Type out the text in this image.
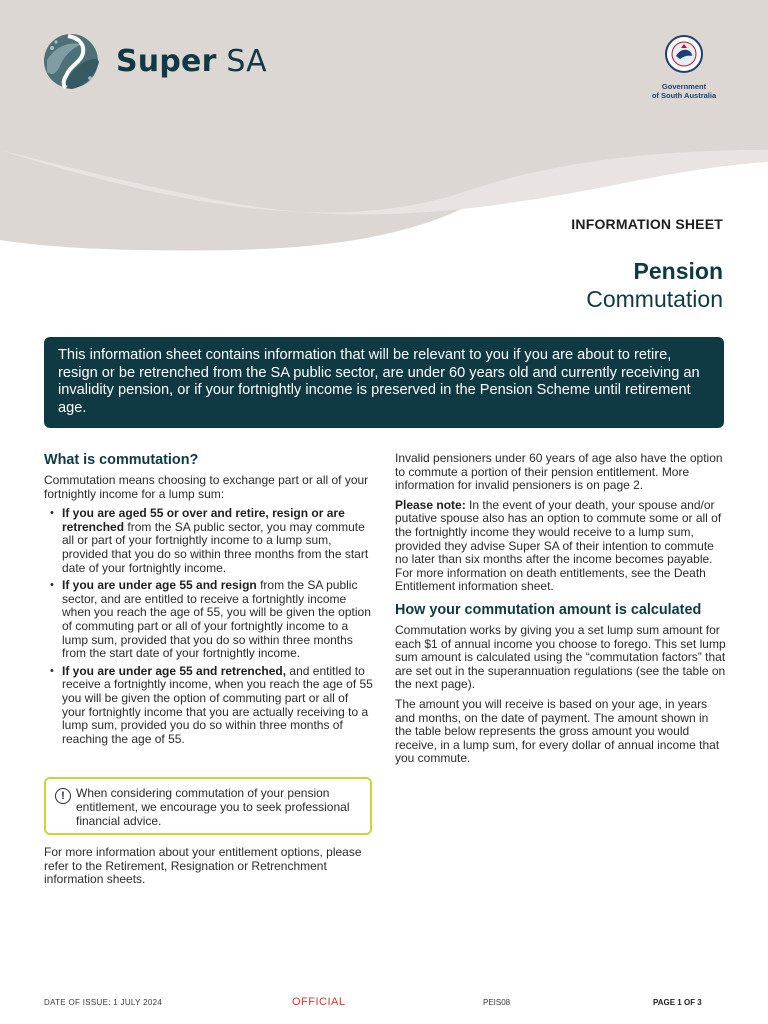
Super SA
Government
of South Australia
INFORMATION SHEET
Pension
Commutation
This information sheet contains information that will be relevant to you if you are about to retire, resign or be retrenched from the SA public sector, are under 60 years old and currently receiving an invalidity pension, or if your fortnightly income is preserved in the Pension Scheme until retirement age.
What is commutation?

Commutation means choosing to exchange part or all of your fortnightly income for a lump sum:

• If you are aged 55 or over and retire, resign or are retrenched from the SA public sector, you may commute all or part of your fortnightly income to a lump sum, provided that you do so within three months from the start date of your fortnightly income.
• If you are under age 55 and resign from the SA public sector, and are entitled to receive a fortnightly income when you reach the age of 55, you will be given the option of commuting part or all of your fortnightly income to a lump sum, provided that you do so within three months from the start date of your fortnightly income.
• If you are under age 55 and retrenched, and entitled to receive a fortnightly income, when you reach the age of 55 you will be given the option of commuting part or all of your fortnightly income that you are actually receiving to a lump sum, provided you do so within three months of reaching the age of 55.
! When considering commutation of your pension entitlement, we encourage you to seek professional financial advice.

For more information about your entitlement options, please refer to the Retirement, Resignation or Retrenchment information sheets.

Invalid pensioners under 60 years of age also have the option to commute a portion of their pension entitlement. More information for invalid pensioners is on page 2.

Please note: In the event of your death, your spouse and/or putative spouse also has an option to commute some or all of the fortnightly income they would receive to a lump sum, provided they advise Super SA of their intention to commute no later than six months after the income becomes payable. For more information on death entitlements, see the Death Entitlement information sheet.

How your commutation amount is calculated

Commutation works by giving you a set lump sum amount for each $1 of annual income you choose to forego. This set lump sum amount is calculated using the “commutation factors” that are set out in the superannuation regulations (see the table on the next page).

The amount you will receive is based on your age, in years and months, on the date of payment. The amount shown in the table below represents the gross amount you would receive, in a lump sum, for every dollar of annual income that you commute.

DATE OF ISSUE: 1 JULY 2024	OFFICIAL	PEIS08	PAGE 1 OF 3
